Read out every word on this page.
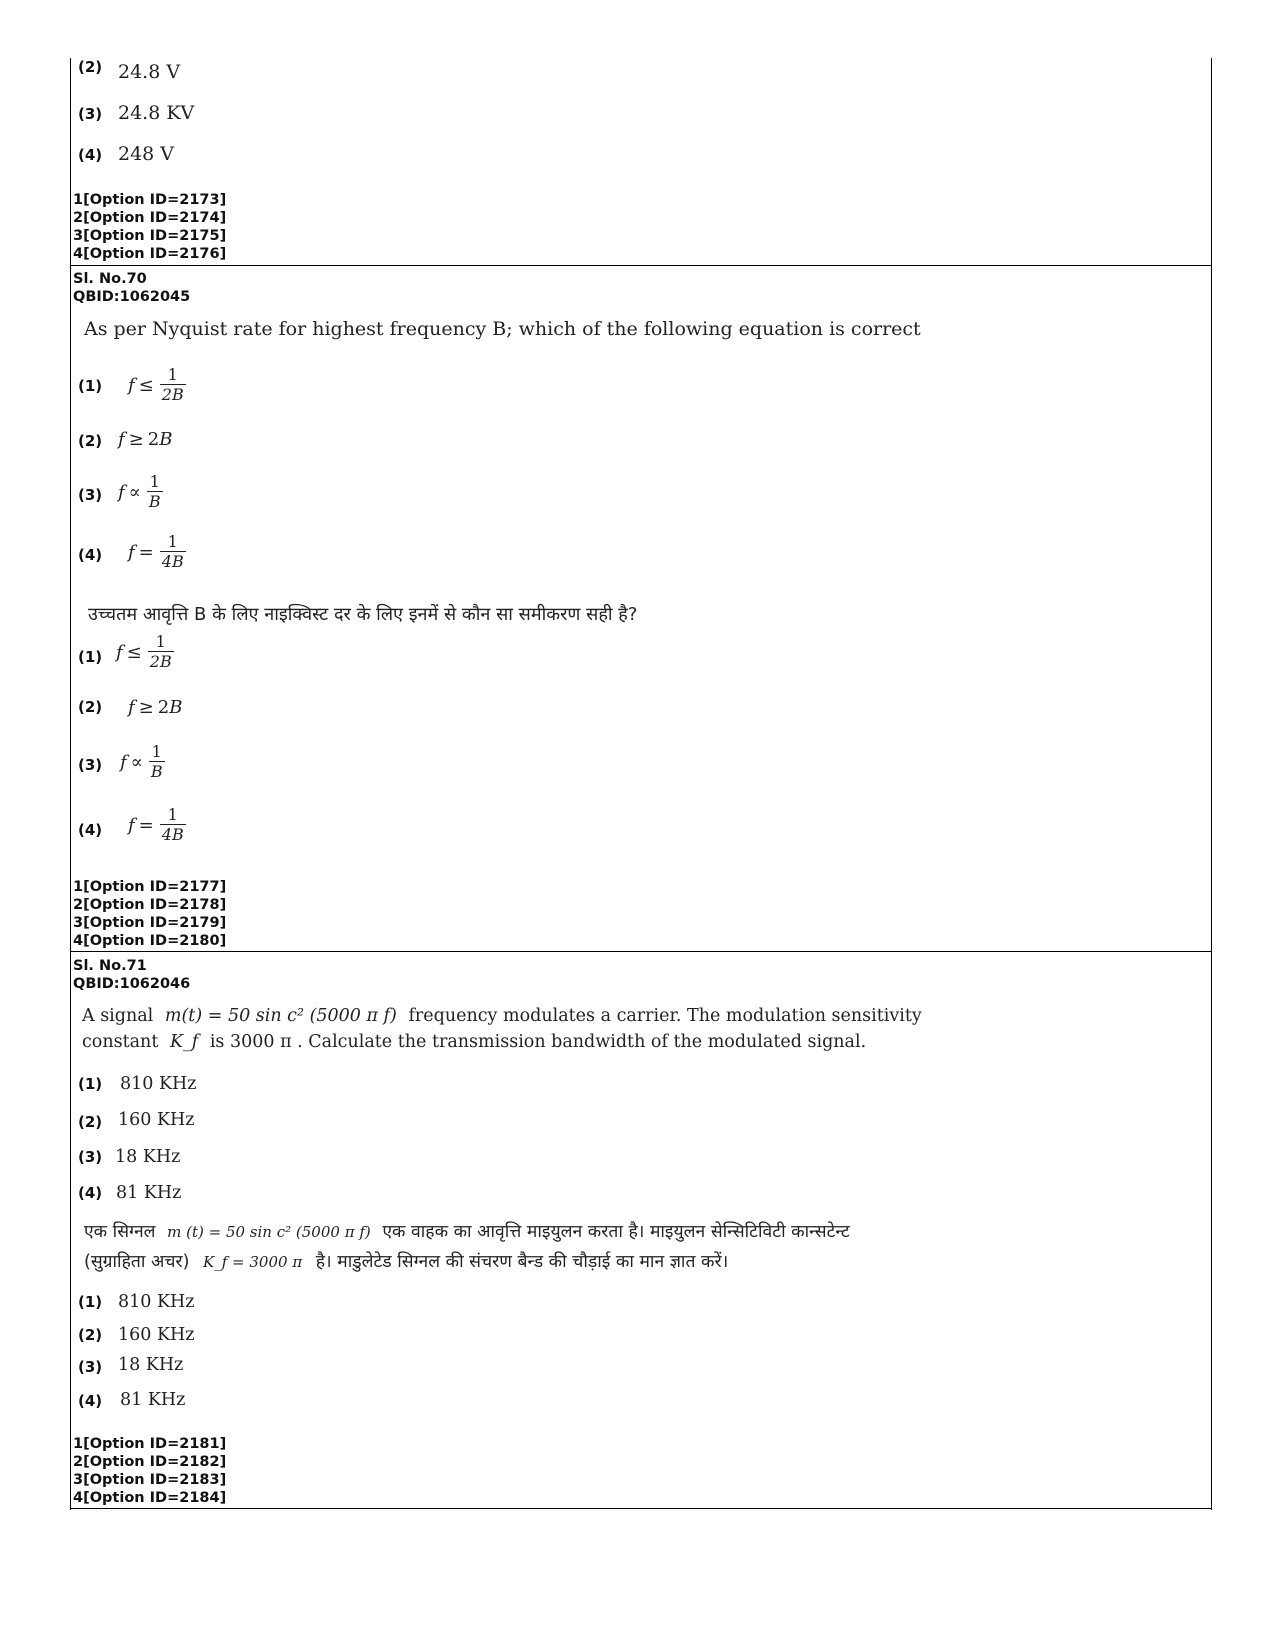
(2) 24.8 V
(3) 24.8 KV
(4) 248 V
1[Option ID=2173]
2[Option ID=2174]
3[Option ID=2175]
4[Option ID=2176]
Sl. No.70
QBID:1062045
As per Nyquist rate for highest frequency B; which of the following equation is correct
(1) $f \le \frac{1}{2B}$
(2) f ≥ 2 B
(3) $f \propto \frac{1}{B}$
(4) $f = \frac{1}{4B}$
उच्चतम आवृत्ति B के लिए नाइक्विस्ट दर के लिए इनमें से कौन सा समीकरण सही है?
(1) $f \le \frac{1}{2B}$
(2) f ≥ 2 B
(3) $f \propto \frac{1}{B}$
(4) $f = \frac{1}{4B}$
1[Option ID=2177]
2[Option ID=2178]
3[Option ID=2179]
4[Option ID=2180]
Sl. No.71
QBID:1062046
A signal m(t) = 50 sin c² (5000 π f) frequency modulates a carrier. The modulation sensitivity
constant K_f is 3000 π . Calculate the transmission bandwidth of the modulated signal.
(1) 810 KHz
(2) 160 KHz
(3) 18 KHz
(4) 81 KHz
एक सिग्नल m (t) = 50 sin c² (5000 π f) एक वाहक का आवृत्ति माइयुलन करता है। माइयुलन सेन्सिटिविटी कान्सटेन्ट
(सुग्राहिता अचर) K_f = 3000 π है। माडुलेटेड सिग्नल की संचरण बैन्ड की चौड़ाई का मान ज्ञात करें।
(1) 810 KHz
(2) 160 KHz
(3) 18 KHz
(4) 81 KHz
1[Option ID=2181]
2[Option ID=2182]
3[Option ID=2183]
4[Option ID=2184]
